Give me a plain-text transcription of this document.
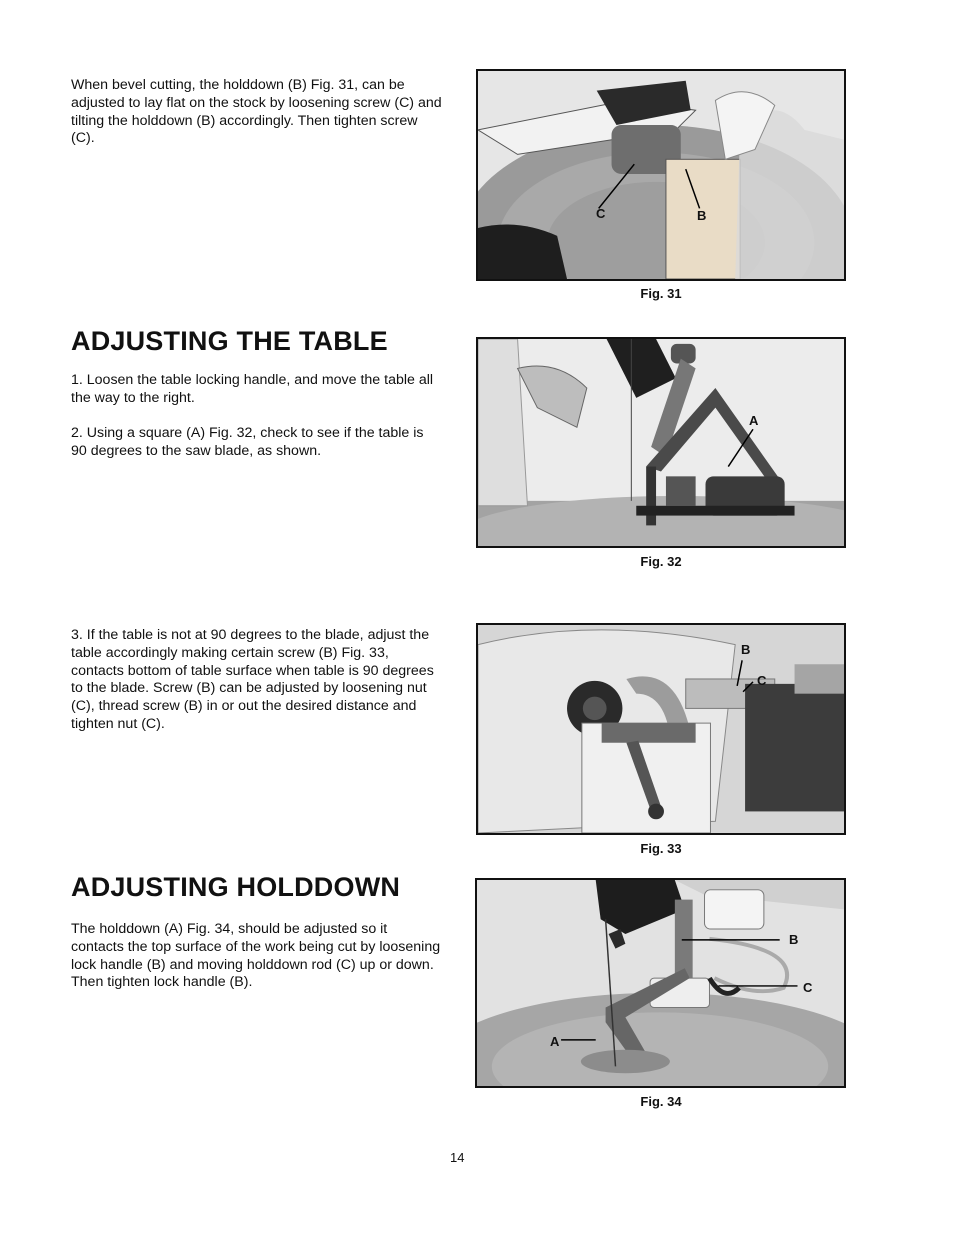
When bevel cutting, the holddown (B) Fig. 31, can be adjusted to lay flat on the stock by loosening screw (C) and tilting the holddown (B) accordingly. Then tighten screw (C).

C	B

Fig. 31

ADJUSTING THE TABLE

1. Loosen the table locking handle, and move the table all the way to the right.

2. Using a square (A) Fig. 32, check to see if the table is 90 degrees to the saw blade, as shown.

A

Fig. 32

3. If the table is not at 90 degrees to the blade, adjust the table accordingly making certain screw (B) Fig. 33, contacts bottom of table surface when table is 90 degrees to the blade. Screw (B) can be adjusted by loosening nut (C), thread screw (B) in or out the desired distance and tighten nut (C).

B

C

Fig. 33

ADJUSTING HOLDDOWN

The holddown (A) Fig. 34, should be adjusted so it contacts the top surface of the work being cut by loosening lock handle (B) and moving holddown rod (C) up or down. Then tighten lock handle (B).

B

C

A

Fig. 34

14
